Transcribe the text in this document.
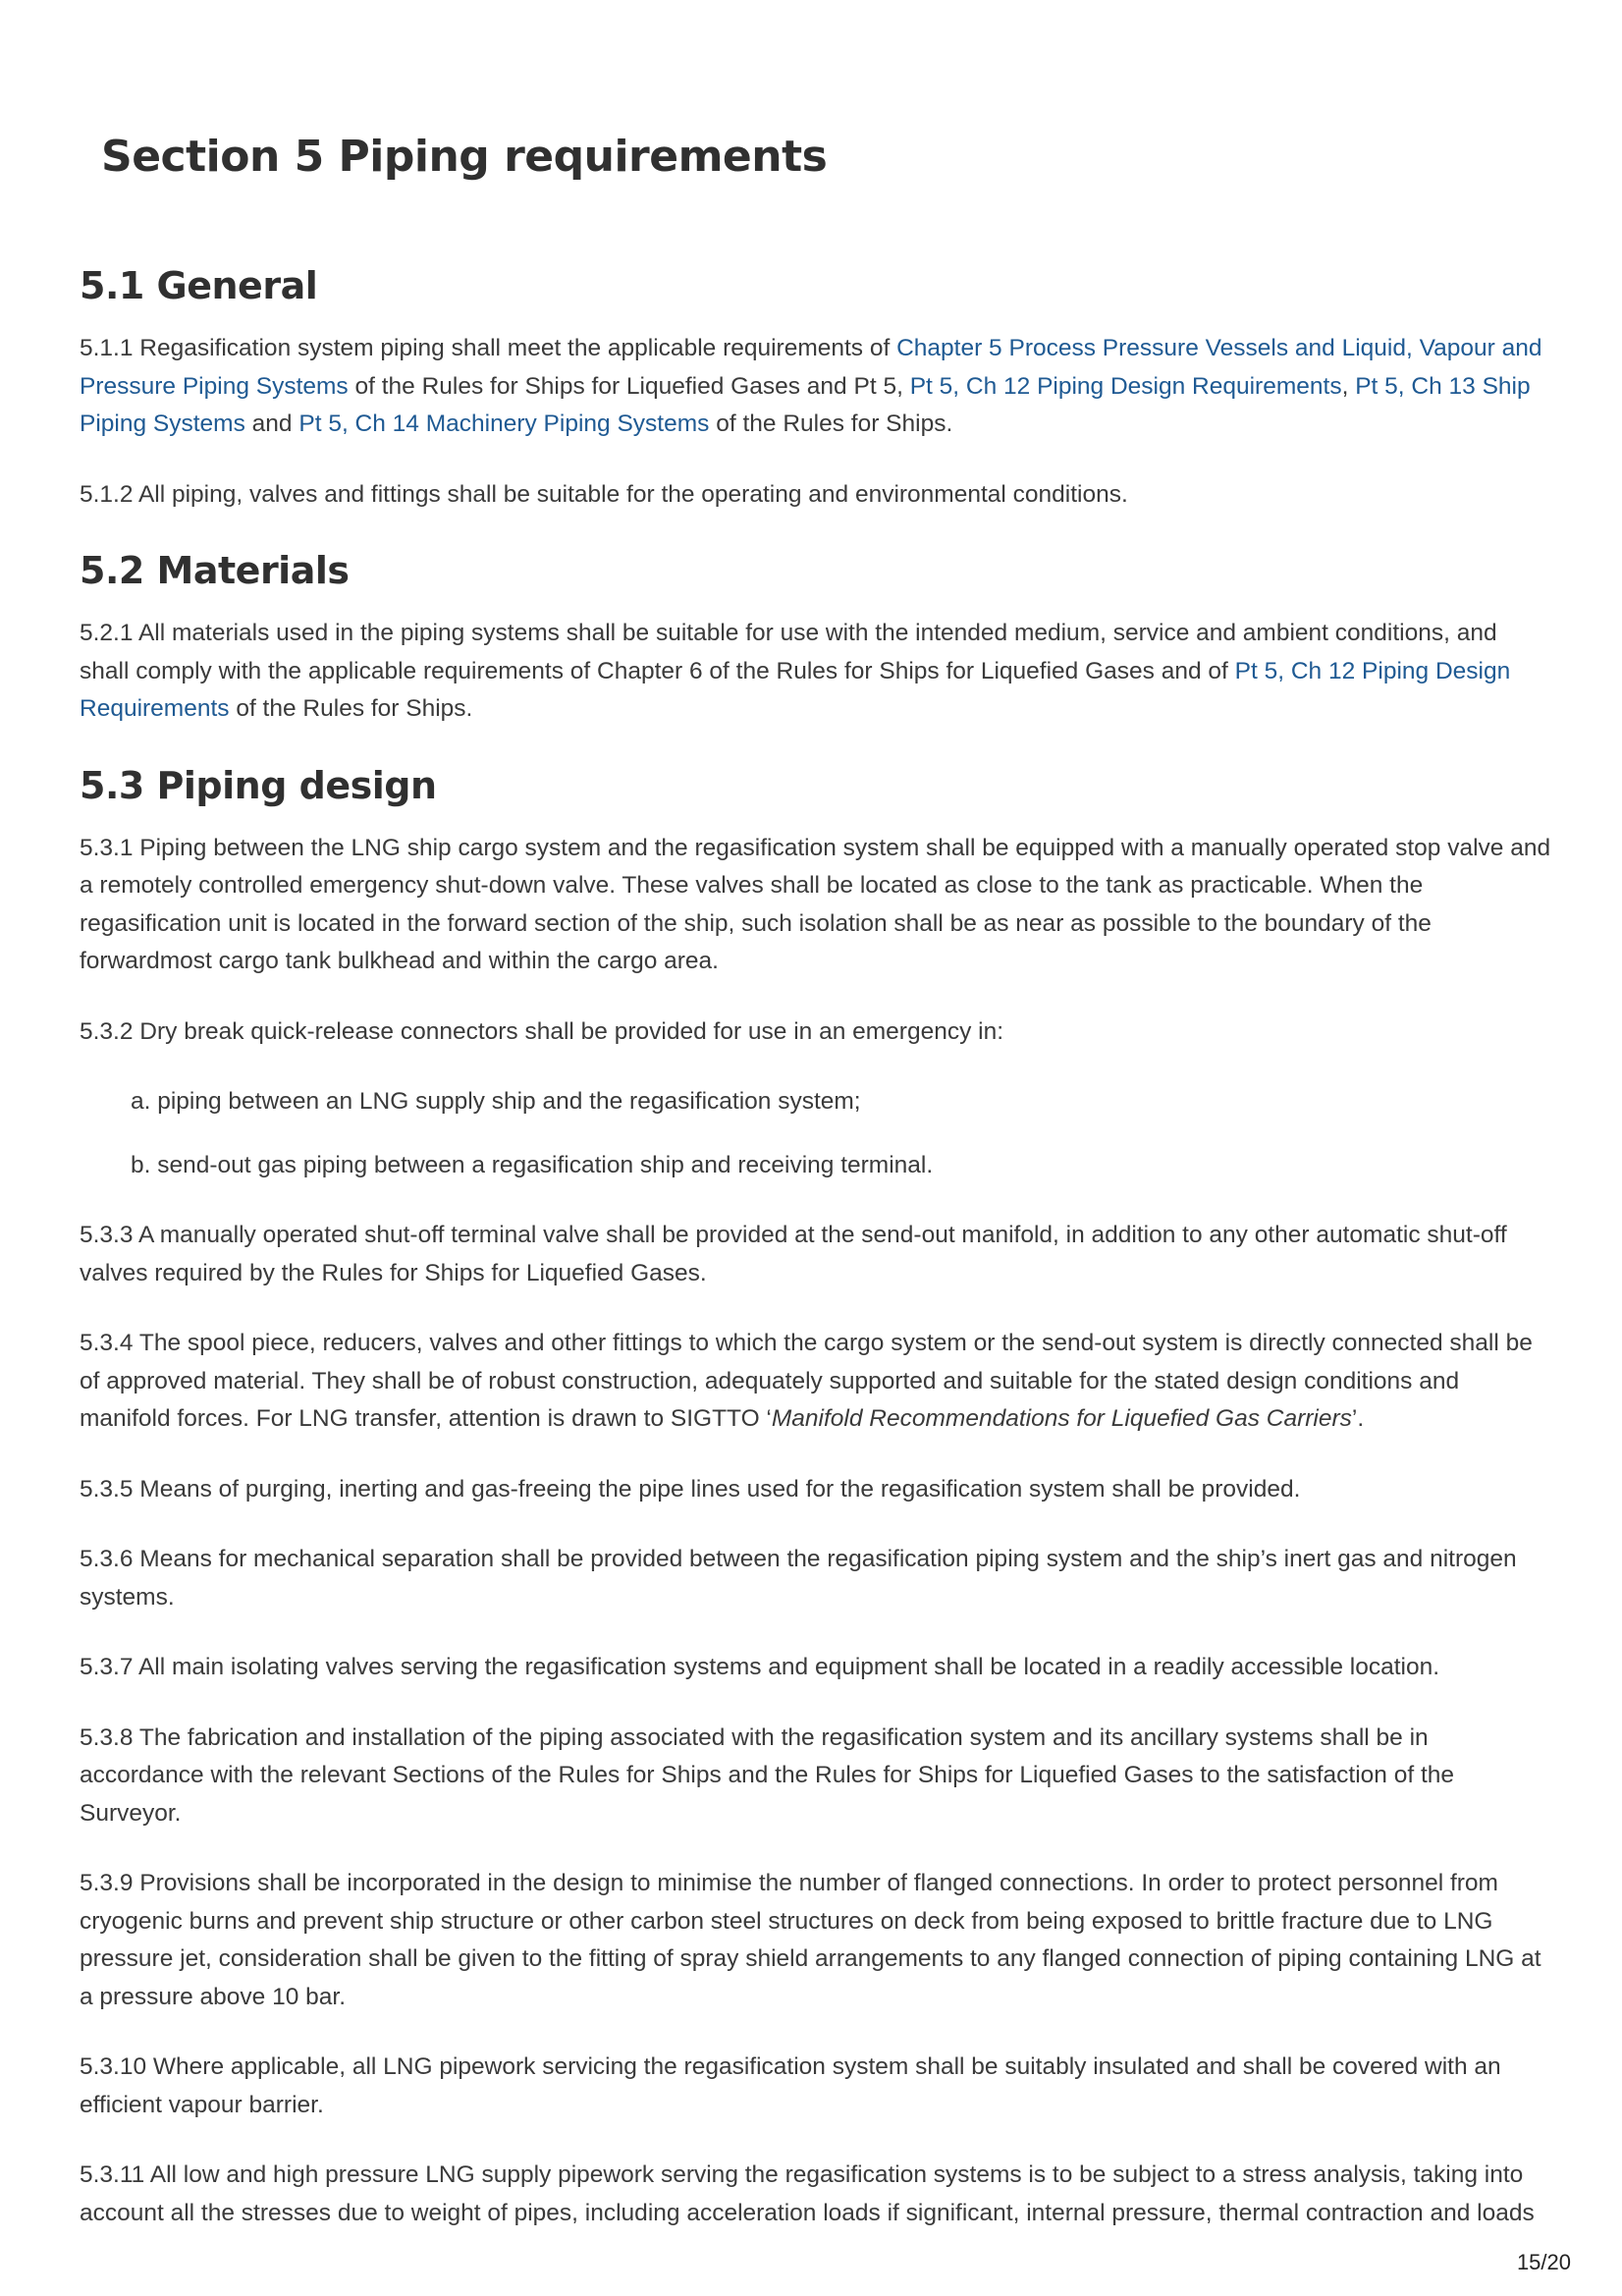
Section 5 Piping requirements
5.1 General

5.1.1 Regasification system piping shall meet the applicable requirements of Chapter 5 Process Pressure Vessels and Liquid, Vapour and Pressure Piping Systems of the Rules for Ships for Liquefied Gases and Pt 5, Pt 5, Ch 12 Piping Design Requirements, Pt 5, Ch 13 Ship Piping Systems and Pt 5, Ch 14 Machinery Piping Systems of the Rules for Ships.

5.1.2 All piping, valves and fittings shall be suitable for the operating and environmental conditions.

5.2 Materials

5.2.1 All materials used in the piping systems shall be suitable for use with the intended medium, service and ambient conditions, and shall comply with the applicable requirements of Chapter 6 of the Rules for Ships for Liquefied Gases and of Pt 5, Ch 12 Piping Design Requirements of the Rules for Ships.

5.3 Piping design

5.3.1 Piping between the LNG ship cargo system and the regasification system shall be equipped with a manually operated stop valve and a remotely controlled emergency shut-down valve. These valves shall be located as close to the tank as practicable. When the regasification unit is located in the forward section of the ship, such isolation shall be as near as possible to the boundary of the forwardmost cargo tank bulkhead and within the cargo area.

5.3.2 Dry break quick-release connectors shall be provided for use in an emergency in:

a. piping between an LNG supply ship and the regasification system;

b. send-out gas piping between a regasification ship and receiving terminal.

5.3.3 A manually operated shut-off terminal valve shall be provided at the send-out manifold, in addition to any other automatic shut-off valves required by the Rules for Ships for Liquefied Gases.

5.3.4 The spool piece, reducers, valves and other fittings to which the cargo system or the send-out system is directly connected shall be of approved material. They shall be of robust construction, adequately supported and suitable for the stated design conditions and manifold forces. For LNG transfer, attention is drawn to SIGTTO ‘Manifold Recommendations for Liquefied Gas Carriers’.

5.3.5 Means of purging, inerting and gas-freeing the pipe lines used for the regasification system shall be provided.

5.3.6 Means for mechanical separation shall be provided between the regasification piping system and the ship’s inert gas and nitrogen systems.

5.3.7 All main isolating valves serving the regasification systems and equipment shall be located in a readily accessible location.

5.3.8 The fabrication and installation of the piping associated with the regasification system and its ancillary systems shall be in accordance with the relevant Sections of the Rules for Ships and the Rules for Ships for Liquefied Gases to the satisfaction of the Surveyor.

5.3.9 Provisions shall be incorporated in the design to minimise the number of flanged connections. In order to protect personnel from cryogenic burns and prevent ship structure or other carbon steel structures on deck from being exposed to brittle fracture due to LNG pressure jet, consideration shall be given to the fitting of spray shield arrangements to any flanged connection of piping containing LNG at a pressure above 10 bar.

5.3.10 Where applicable, all LNG pipework servicing the regasification system shall be suitably insulated and shall be covered with an efficient vapour barrier.

5.3.11 All low and high pressure LNG supply pipework serving the regasification systems is to be subject to a stress analysis, taking into account all the stresses due to weight of pipes, including acceleration loads if significant, internal pressure, thermal contraction and loads

15/20
